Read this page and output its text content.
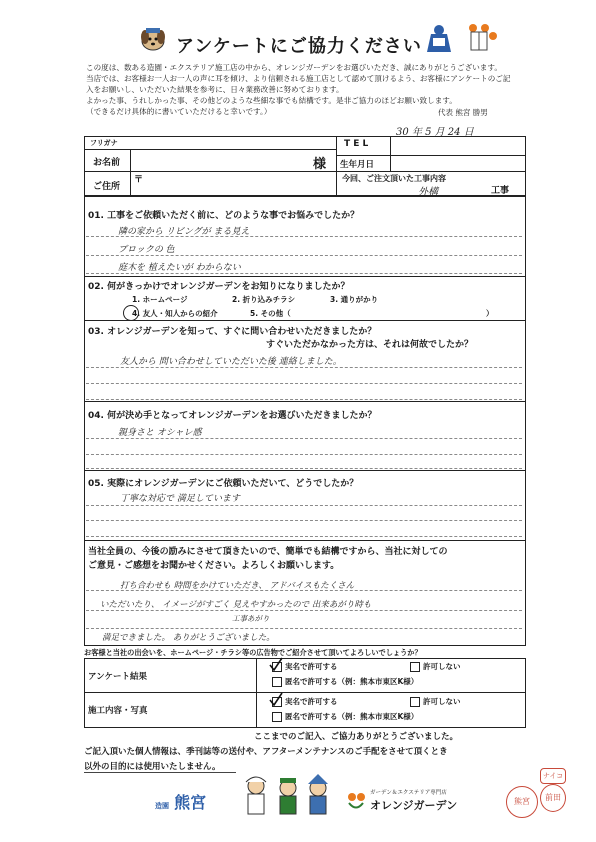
アンケートにご協力ください
この度は、数ある造園・エクステリア施工店の中から、オレンジガーデンをお選びいただき、誠にありがとうございます。
当店では、お客様お一人お一人の声に耳を傾け、より信頼される施工店として認めて頂けるよう、お客様にアンケートのご記
入をお願いし、いただいた結果を参考に、日々業務改善に努めております。
よかった事、うれしかった事、その他どのような些細な事でも結構です。是非ご協力のほどお願い致します。
（できるだけ具体的に書いていただけると幸いです。）	代表 熊宮 勝男
30 年 5 月 24 日
フリガナ
お名前	様
T E L
生年月日
ご住所
〒	今回、ご注文頂いた工事内容
外構	工事
01. 工事をご依頼いただく前に、どのような事でお悩みでしたか？
隣の家から リビングが まる見え
ブロックの 色
庭木を 植えたいが わからない
02. 何がきっかけでオレンジガーデンをお知りになりましたか？
1. ホームページ	2. 折り込みチラシ	3. 通りがかり
4. 友人・知人からの紹介	5. その他（	）
03. オレンジガーデンを知って、すぐに問い合わせいただきましたか？
すぐいただかなかった方は、それは何故でしたか？
友人から 問い合わせしていただいた後 連絡しました。
04. 何が決め手となってオレンジガーデンをお選びいただきましたか？
親身さと オシャレ感
05. 実際にオレンジガーデンにご依頼いただいて、どうでしたか？
丁寧な対応で 満足しています
当社全員の、今後の励みにさせて頂きたいので、簡単でも結構ですから、当社に対しての
ご意見・ご感想をお聞かせください。よろしくお願いします。
打ち合わせも 時間をかけていただき、 アドバイスもたくさん
いただいたり、 イメージがすごく 見えやすかったので 出来あがり時も
工事あがり
満足できました。 ありがとうございました。
お客様と当社の出会いを、ホームページ・チラシ等の広告物でご紹介させて頂いてよろしいでしょうか？
アンケート結果
実名で許可する	許可しない
匿名で許可する（例：熊本市東区K様）
施工内容・写真
実名で許可する	許可しない
匿名で許可する（例：熊本市東区K様）
ここまでのご記入、ご協力ありがとうございました。
ご記入頂いた個人情報は、季刊誌等の送付や、アフターメンテナンスのご手配をさせて頂くとき
以外の目的には使用いたしません。
造園 熊宮	ガーデン＆エクステリア専門店
オレンジガーデン	熊宮	前田
ナイコ
